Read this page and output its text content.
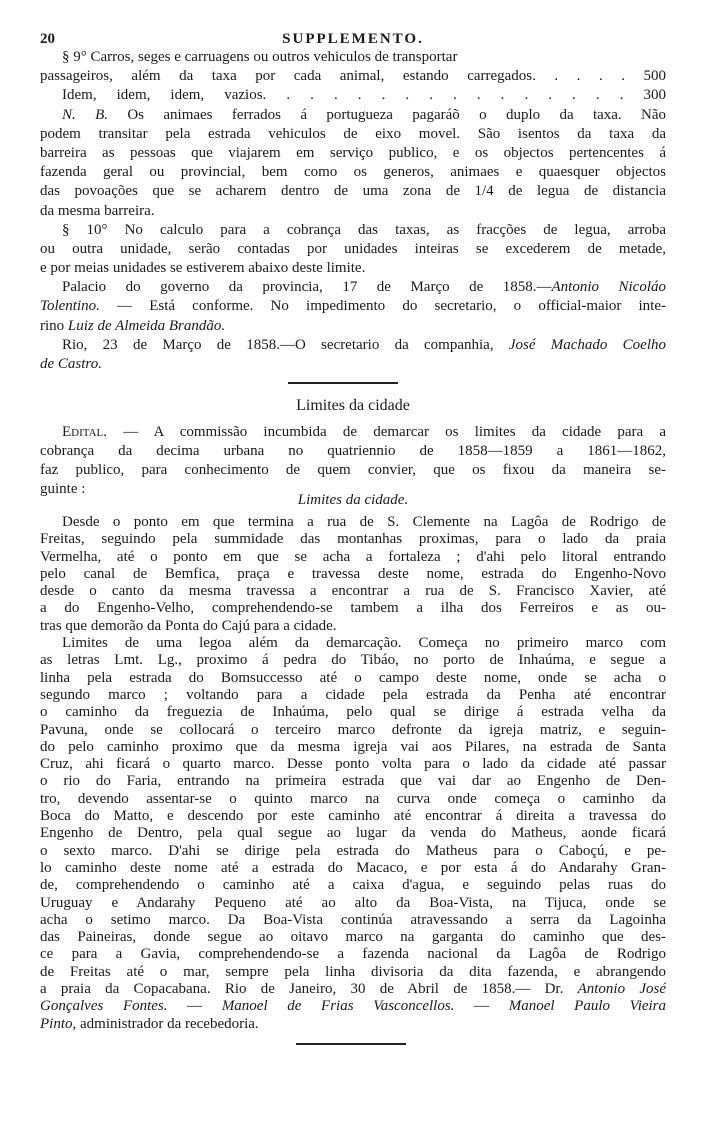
20	SUPPLEMENTO.
§ 9° Carros, seges e carruagens ou outros vehiculos de transportar
passageiros, além da taxa por cada animal, estando carregados. . . . . 500
Idem, idem, idem, vazios. . . . . . . . . . . . . . . . 300
N. B. Os animaes ferrados á portugueza pagaráõ o duplo da taxa. Não
podem transitar pela estrada vehiculos de eixo movel. São isentos da taxa da
barreira as pessoas que viajarem em serviço publico, e os objectos pertencentes á
fazenda geral ou provincial, bem como os generos, animaes e quaesquer objectos
das povoações que se acharem dentro de uma zona de 1/4 de legua de distancia
da mesma barreira.
§ 10° No calculo para a cobrança das taxas, as fracções de legua, arroba
ou outra unidade, serão contadas por unidades inteiras se excederem de metade,
e por meias unidades se estiverem abaixo deste limite.
Palacio do governo da provincia, 17 de Março de 1858.—Antonio Nicoláo
Tolentino. — Está conforme. No impedimento do secretario, o official-maior inte-
rino Luiz de Almeida Brandão.
Rio, 23 de Março de 1858.—O secretario da companhia, José Machado Coelho
de Castro.
Limites da cidade
Edital. — A commissão incumbida de demarcar os limites da cidade para a
cobrança da decima urbana no quatriennio de 1858—1859 a 1861—1862,
faz publico, para conhecimento de quem convier, que os fixou da maneira se-
guinte :
Limites da cidade.
Desde o ponto em que termina a rua de S. Clemente na Lagôa de Rodrigo de
Freitas, seguindo pela summidade das montanhas proximas, para o lado da praia
Vermelha, até o ponto em que se acha a fortaleza ; d'ahi pelo litoral entrando
pelo canal de Bemfica, praça e travessa deste nome, estrada do Engenho-Novo
desde o canto da mesma travessa a encontrar a rua de S. Francisco Xavier, até
a do Engenho-Velho, comprehendendo-se tambem a ilha dos Ferreiros e as ou-
tras que demorão da Ponta do Cajú para a cidade.
Limites de uma legoa além da demarcação. Começa no primeiro marco com
as letras Lmt. Lg., proximo á pedra do Tibáo, no porto de Inhaúma, e segue a
linha pela estrada do Bomsuccesso até o campo deste nome, onde se acha o
segundo marco ; voltando para a cidade pela estrada da Penha até encontrar
o caminho da freguezia de Inhaúma, pelo qual se dirige á estrada velha da
Pavuna, onde se collocará o terceiro marco defronte da igreja matriz, e seguin-
do pelo caminho proximo que da mesma igreja vai aos Pilares, na estrada de Santa
Cruz, ahi ficará o quarto marco. Desse ponto volta para o lado da cidade até passar
o rio do Faria, entrando na primeira estrada que vai dar ao Engenho de Den-
tro, devendo assentar-se o quinto marco na curva onde começa o caminho da
Boca do Matto, e descendo por este caminho até encontrar á direita a travessa do
Engenho de Dentro, pela qual segue ao lugar da venda do Matheus, aonde ficará
o sexto marco. D'ahi se dirige pela estrada do Matheus para o Caboçú, e pe-
lo caminho deste nome até a estrada do Macaco, e por esta á do Andarahy Gran-
de, comprehendendo o caminho até a caixa d'agua, e seguindo pelas ruas do
Uruguay e Andarahy Pequeno até ao alto da Boa-Vista, na Tijuca, onde se
acha o setimo marco. Da Boa-Vista continúa atravessando a serra da Lagoinha
das Paineiras, donde segue ao oitavo marco na garganta do caminho que des-
ce para a Gavia, comprehendendo-se a fazenda nacional da Lagôa de Rodrigo
de Freitas até o mar, sempre pela linha divisoria da dita fazenda, e abrangendo
a praia da Copacabana. Rio de Janeiro, 30 de Abril de 1858.— Dr. Antonio José
Gonçalves Fontes. — Manoel de Frias Vasconcellos. — Manoel Paulo Vieira
Pinto, administrador da recebedoria.
